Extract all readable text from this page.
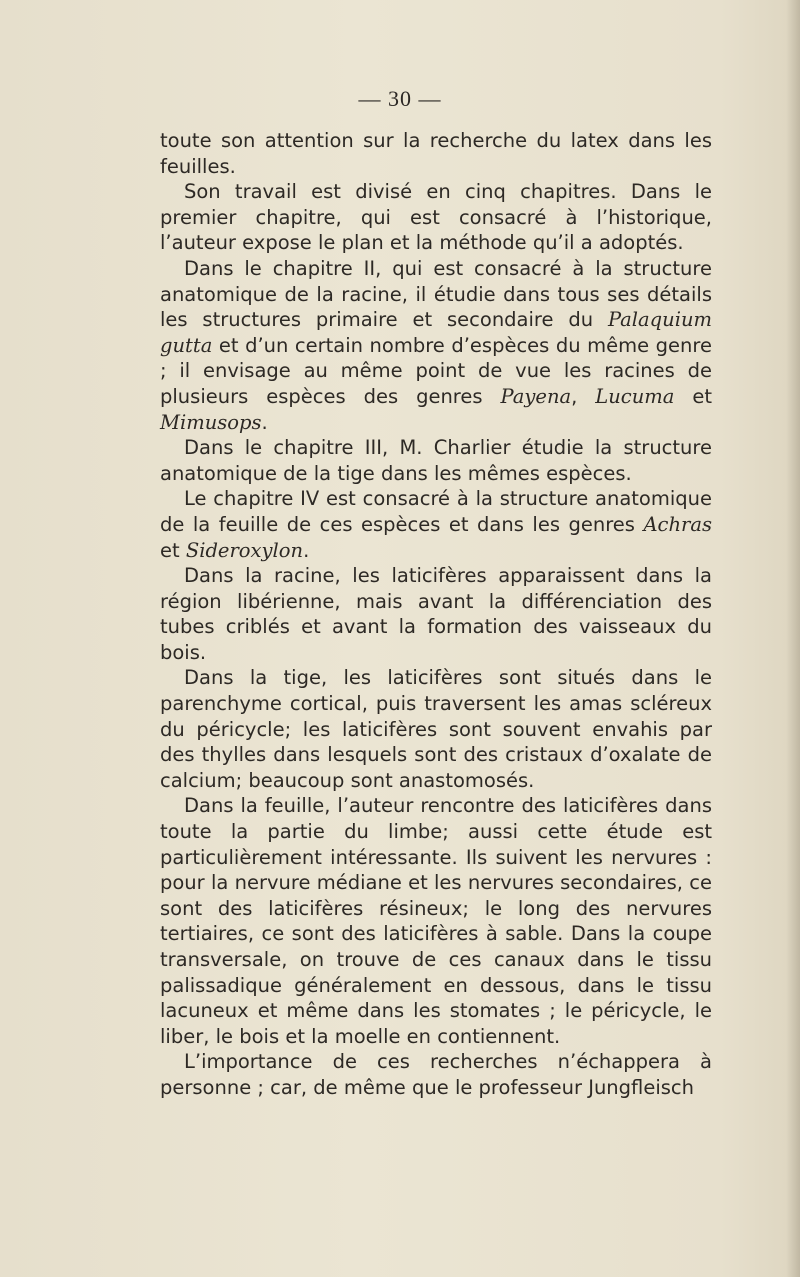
— 30 —

toute son attention sur la recherche du latex dans les feuilles.

Son travail est divisé en cinq chapitres. Dans le premier chapitre, qui est consacré à l’historique, l’auteur expose le plan et la méthode qu’il a adoptés.

Dans le chapitre II, qui est consacré à la structure anatomique de la racine, il étudie dans tous ses détails les structures primaire et secondaire du Palaquium gutta et d’un certain nombre d’espèces du même genre ; il envisage au même point de vue les racines de plusieurs espèces des genres Payena, Lucuma et Mimusops.

Dans le chapitre III, M. Charlier étudie la structure anatomique de la tige dans les mêmes espèces.

Le chapitre IV est consacré à la structure anatomique de la feuille de ces espèces et dans les genres Achras et Sideroxylon.

Dans la racine, les laticifères apparaissent dans la région libérienne, mais avant la différenciation des tubes criblés et avant la formation des vaisseaux du bois.

Dans la tige, les laticifères sont situés dans le parenchyme cortical, puis traversent les amas scléreux du péricycle; les laticifères sont souvent envahis par des thylles dans lesquels sont des cristaux d’oxalate de calcium; beaucoup sont anastomosés.

Dans la feuille, l’auteur rencontre des laticifères dans toute la partie du limbe; aussi cette étude est particulièrement intéressante. Ils suivent les nervures : pour la nervure médiane et les nervures secondaires, ce sont des laticifères résineux; le long des nervures tertiaires, ce sont des laticifères à sable. Dans la coupe transversale, on trouve de ces canaux dans le tissu palissadique généralement en dessous, dans le tissu lacuneux et même dans les stomates ; le péricycle, le liber, le bois et la moelle en contiennent.

L’importance de ces recherches n’échappera à personne ; car, de même que le professeur Jungfleisch
